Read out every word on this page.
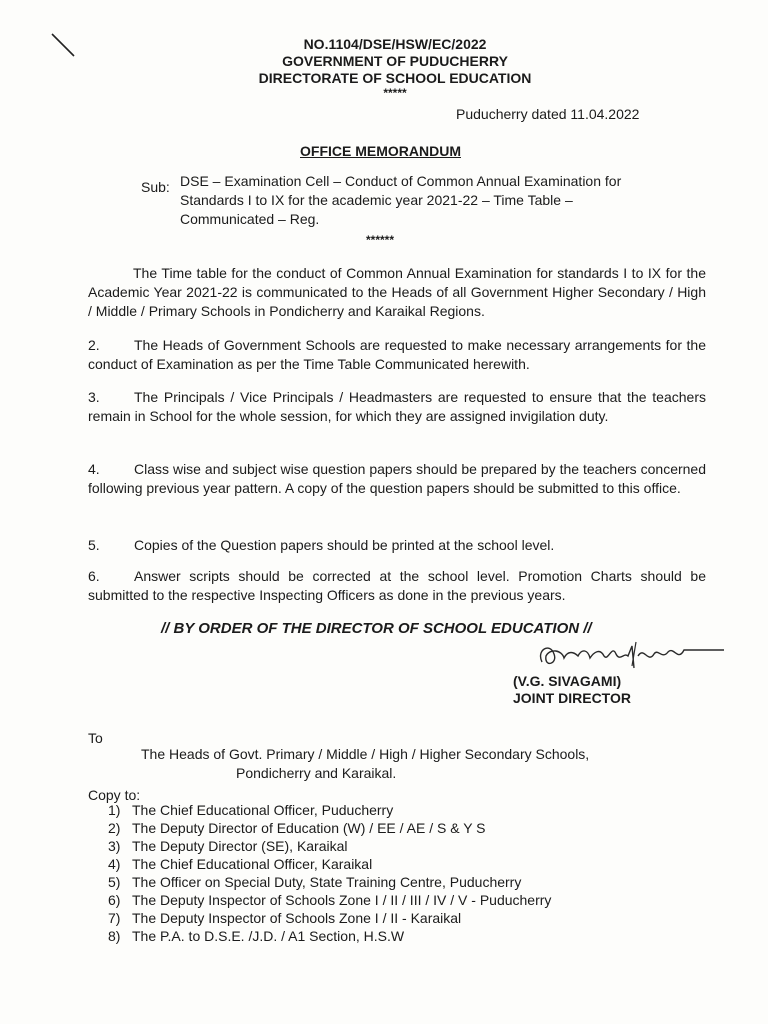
NO.1104/DSE/HSW/EC/2022
GOVERNMENT OF PUDUCHERRY
DIRECTORATE OF SCHOOL EDUCATION
*****
Puducherry dated 11.04.2022
OFFICE MEMORANDUM
Sub: DSE – Examination Cell – Conduct of Common Annual Examination for Standards I to IX for the academic year 2021-22 – Time Table – Communicated – Reg.
******
The Time table for the conduct of Common Annual Examination for standards I to IX for the Academic Year 2021-22 is communicated to the Heads of all Government Higher Secondary / High / Middle / Primary Schools in Pondicherry and Karaikal Regions.
2. The Heads of Government Schools are requested to make necessary arrangements for the conduct of Examination as per the Time Table Communicated herewith.
3. The Principals / Vice Principals / Headmasters are requested to ensure that the teachers remain in School for the whole session, for which they are assigned invigilation duty.
4. Class wise and subject wise question papers should be prepared by the teachers concerned following previous year pattern. A copy of the question papers should be submitted to this office.
5. Copies of the Question papers should be printed at the school level.
6. Answer scripts should be corrected at the school level. Promotion Charts should be submitted to the respective Inspecting Officers as done in the previous years.
// BY ORDER OF THE DIRECTOR OF SCHOOL EDUCATION //
(V.G. SIVAGAMI)
JOINT DIRECTOR
To
The Heads of Govt. Primary / Middle / High / Higher Secondary Schools,
Pondicherry and Karaikal.
Copy to:
1) The Chief Educational Officer, Puducherry
2) The Deputy Director of Education (W) / EE / AE / S & Y S
3) The Deputy Director (SE), Karaikal
4) The Chief Educational Officer, Karaikal
5) The Officer on Special Duty, State Training Centre, Puducherry
6) The Deputy Inspector of Schools Zone I / II / III / IV / V - Puducherry
7) The Deputy Inspector of Schools Zone I / II - Karaikal
8) The P.A. to D.S.E. /J.D. / A1 Section, H.S.W
